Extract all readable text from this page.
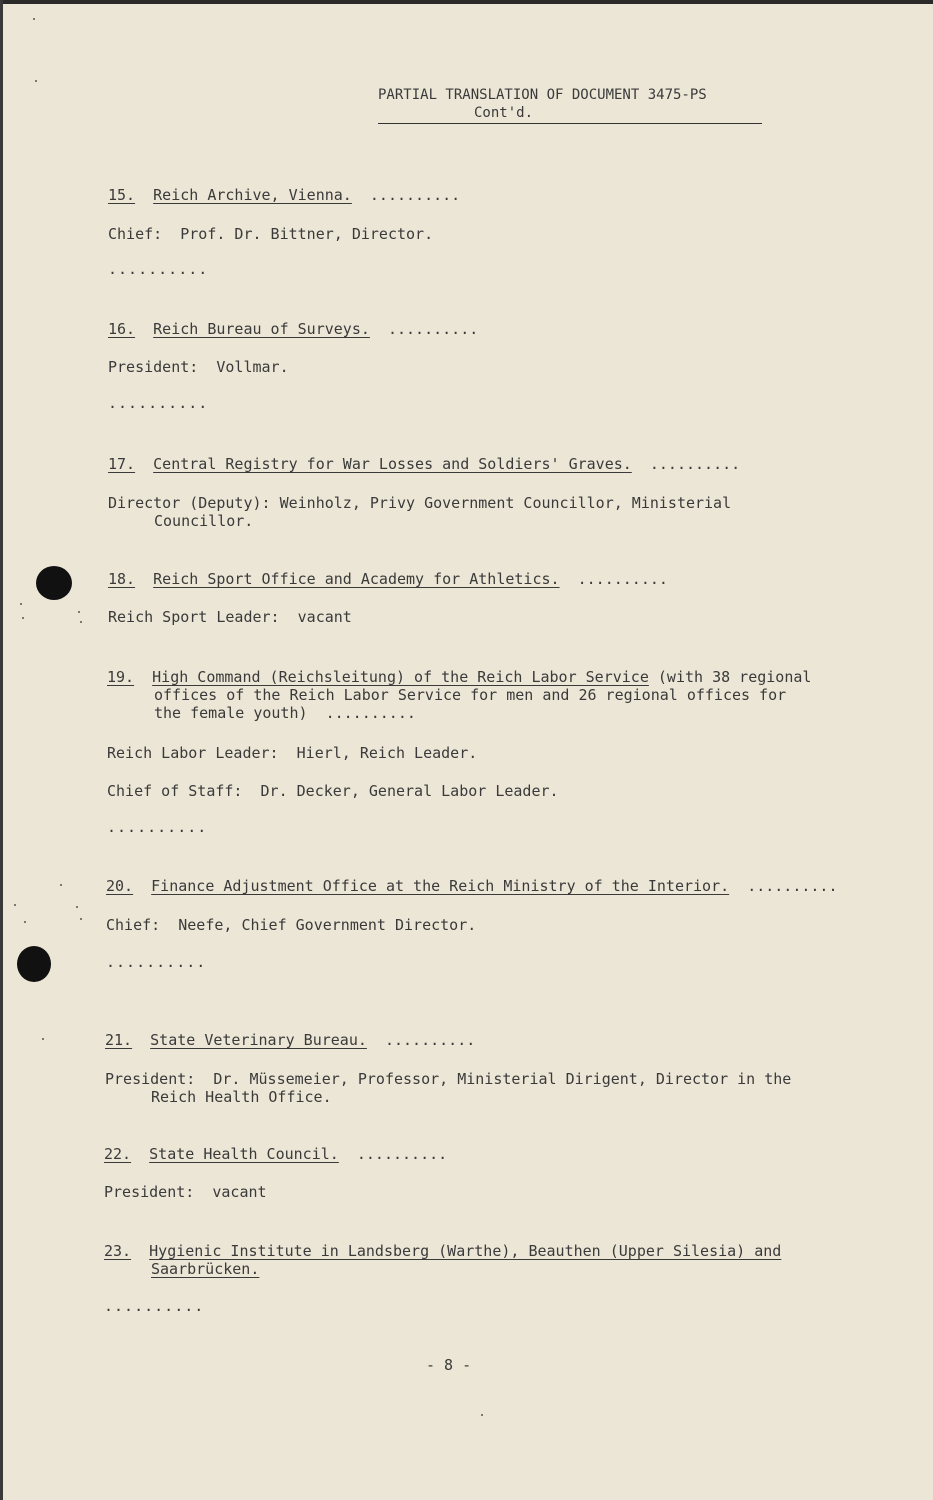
PARTIAL TRANSLATION OF DOCUMENT 3475-PS
Cont'd.
15. Reich Archive, Vienna. ..........
Chief:  Prof. Dr. Bittner, Director.
..........
16. Reich Bureau of Surveys. ..........
President:  Vollmar.
..........
17. Central Registry for War Losses and Soldiers' Graves. ..........
Director (Deputy): Weinholz, Privy Government Councillor, Ministerial
Councillor.
18. Reich Sport Office and Academy for Athletics. ..........
Reich Sport Leader:  vacant
19. High Command (Reichsleitung) of the Reich Labor Service (with 38 regional
offices of the Reich Labor Service for men and 26 regional offices for
the female youth) ..........
Reich Labor Leader:  Hierl, Reich Leader.
Chief of Staff:  Dr. Decker, General Labor Leader.
..........
20. Finance Adjustment Office at the Reich Ministry of the Interior. ..........
Chief:  Neefe, Chief Government Director.
..........
21. State Veterinary Bureau. ..........
President:  Dr. Müssemeier, Professor, Ministerial Dirigent, Director in the
Reich Health Office.
22. State Health Council. ..........
President:  vacant
23. Hygienic Institute in Landsberg (Warthe), Beauthen (Upper Silesia) and
Saarbrücken.
..........
- 8 -
